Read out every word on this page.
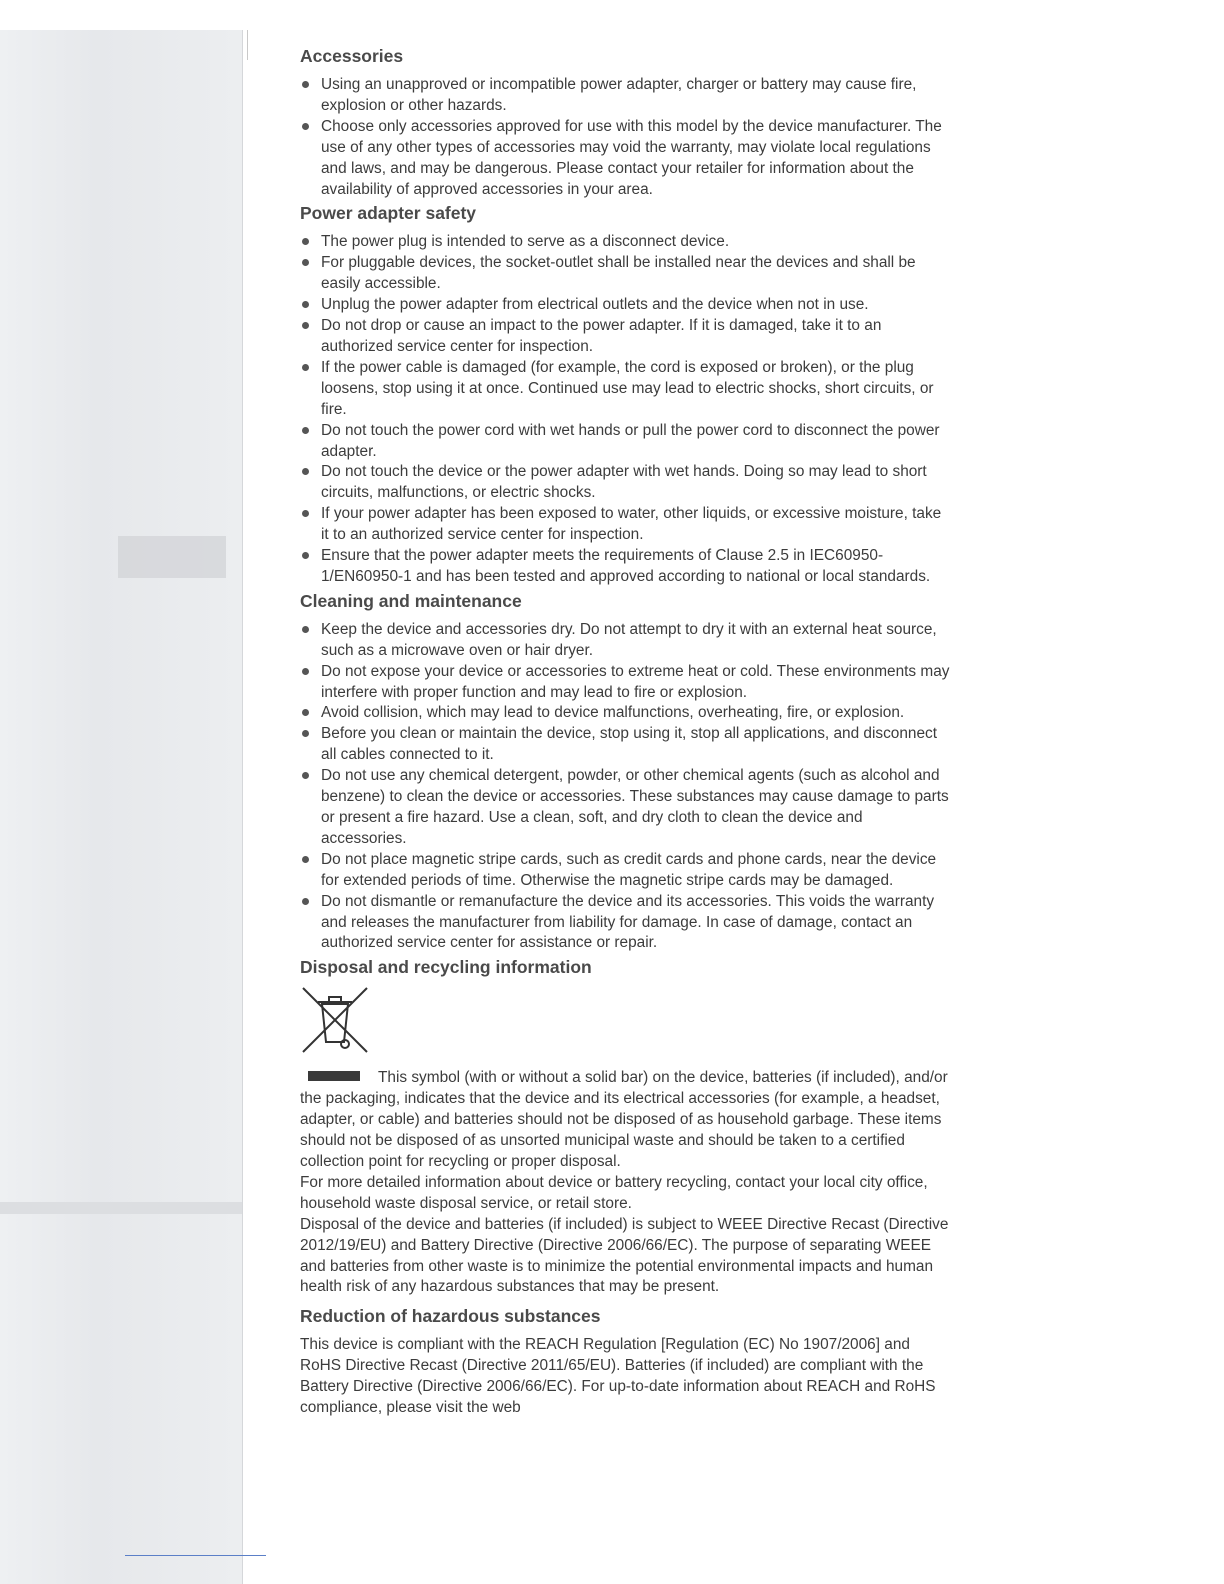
Accessories
Using an unapproved or incompatible power adapter, charger or battery may cause fire, explosion or other hazards.
Choose only accessories approved for use with this model by the device manufacturer. The use of any other types of accessories may void the warranty, may violate local regulations and laws, and may be dangerous. Please contact your retailer for information about the availability of approved accessories in your area.
Power adapter safety
The power plug is intended to serve as a disconnect device.
For pluggable devices, the socket-outlet shall be installed near the devices and shall be easily accessible.
Unplug the power adapter from electrical outlets and the device when not in use.
Do not drop or cause an impact to the power adapter. If it is damaged, take it to an authorized service center for inspection.
If the power cable is damaged (for example, the cord is exposed or broken), or the plug loosens, stop using it at once. Continued use may lead to electric shocks, short circuits, or fire.
Do not touch the power cord with wet hands or pull the power cord to disconnect the power adapter.
Do not touch the device or the power adapter with wet hands. Doing so may lead to short circuits, malfunctions, or electric shocks.
If your power adapter has been exposed to water, other liquids, or excessive moisture, take it to an authorized service center for inspection.
Ensure that the power adapter meets the requirements of Clause 2.5 in IEC60950-1/EN60950-1 and has been tested and approved according to national or local standards.
Cleaning and maintenance
Keep the device and accessories dry. Do not attempt to dry it with an external heat source, such as a microwave oven or hair dryer.
Do not expose your device or accessories to extreme heat or cold. These environments may interfere with proper function and may lead to fire or explosion.
Avoid collision, which may lead to device malfunctions, overheating, fire, or explosion.
Before you clean or maintain the device, stop using it, stop all applications, and disconnect all cables connected to it.
Do not use any chemical detergent, powder, or other chemical agents (such as alcohol and benzene) to clean the device or accessories. These substances may cause damage to parts or present a fire hazard. Use a clean, soft, and dry cloth to clean the device and accessories.
Do not place magnetic stripe cards, such as credit cards and phone cards, near the device for extended periods of time. Otherwise the magnetic stripe cards may be damaged.
Do not dismantle or remanufacture the device and its accessories. This voids the warranty and releases the manufacturer from liability for damage. In case of damage, contact an authorized service center for assistance or repair.
Disposal and recycling information

This symbol (with or without a solid bar) on the device, batteries (if included), and/or the packaging, indicates that the device and its electrical accessories (for example, a headset, adapter, or cable) and batteries should not be disposed of as household garbage. These items should not be disposed of as unsorted municipal waste and should be taken to a certified collection point for recycling or proper disposal.

For more detailed information about device or battery recycling, contact your local city office, household waste disposal service, or retail store.

Disposal of the device and batteries (if included) is subject to WEEE Directive Recast (Directive 2012/19/EU) and Battery Directive (Directive 2006/66/EC). The purpose of separating WEEE and batteries from other waste is to minimize the potential environmental impacts and human health risk of any hazardous substances that may be present.

Reduction of hazardous substances

This device is compliant with the REACH Regulation [Regulation (EC) No 1907/2006] and RoHS Directive Recast (Directive 2011/65/EU). Batteries (if included) are compliant with the Battery Directive (Directive 2006/66/EC). For up-to-date information about REACH and RoHS compliance, please visit the web
